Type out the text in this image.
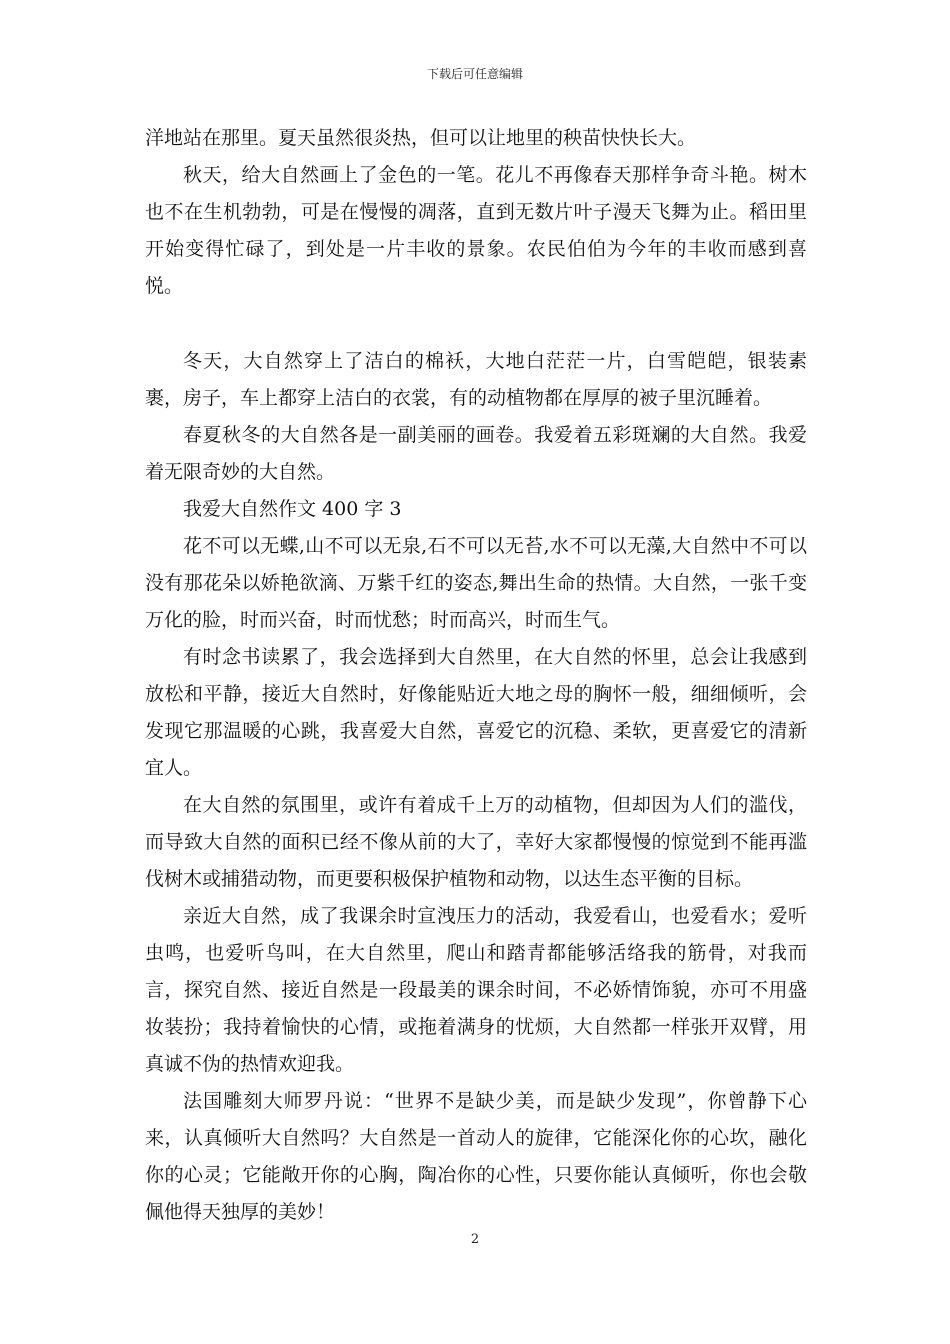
下载后可任意编辑

洋地站在那里。夏天虽然很炎热，但可以让地里的秧苗快快长大。

秋天，给大自然画上了金色的一笔。花儿不再像春天那样争奇斗艳。树木也不在生机勃勃，可是在慢慢的凋落，直到无数片叶子漫天飞舞为止。稻田里开始变得忙碌了，到处是一片丰收的景象。农民伯伯为今年的丰收而感到喜悦。

冬天，大自然穿上了洁白的棉袄，大地白茫茫一片，白雪皑皑，银装素裹，房子，车上都穿上洁白的衣裳，有的动植物都在厚厚的被子里沉睡着。

春夏秋冬的大自然各是一副美丽的画卷。我爱着五彩斑斓的大自然。我爱着无限奇妙的大自然。

我爱大自然作文 400 字 3

花不可以无蝶,山不可以无泉,石不可以无苔,水不可以无藻,大自然中不可以没有那花朵以娇艳欲滴、万紫千红的姿态,舞出生命的热情。大自然，一张千变万化的脸，时而兴奋，时而忧愁；时而高兴，时而生气。

有时念书读累了，我会选择到大自然里，在大自然的怀里，总会让我感到放松和平静，接近大自然时，好像能贴近大地之母的胸怀一般，细细倾听，会发现它那温暖的心跳，我喜爱大自然，喜爱它的沉稳、柔软，更喜爱它的清新宜人。

在大自然的氛围里，或许有着成千上万的动植物，但却因为人们的滥伐，而导致大自然的面积已经不像从前的大了，幸好大家都慢慢的惊觉到不能再滥伐树木或捕猎动物，而更要积极保护植物和动物，以达生态平衡的目标。

亲近大自然，成了我课余时宣洩压力的活动，我爱看山，也爱看水；爱听虫鸣，也爱听鸟叫，在大自然里，爬山和踏青都能够活络我的筋骨，对我而言，探究自然、接近自然是一段最美的课余时间，不必娇情饰貌，亦可不用盛妆装扮；我持着愉快的心情，或拖着满身的忧烦，大自然都一样张开双臂，用真诚不伪的热情欢迎我。

法国雕刻大师罗丹说：“世界不是缺少美，而是缺少发现”，你曾静下心来，认真倾听大自然吗？大自然是一首动人的旋律，它能深化你的心坎，融化你的心灵；它能敞开你的心胸，陶冶你的心性，只要你能认真倾听，你也会敬佩他得天独厚的美妙！

2
